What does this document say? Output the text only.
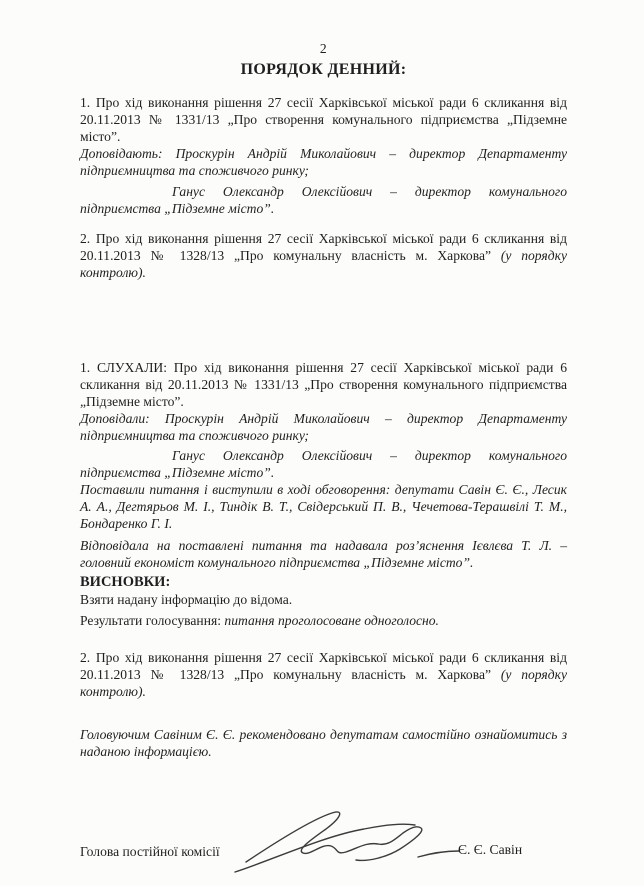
2
ПОРЯДОК ДЕННИЙ:

1. Про хід виконання рішення 27 сесії Харківської міської ради 6 скликання від 20.11.2013 № 1331/13 „Про створення комунального підприємства „Підземне місто”.

Доповідають: Проскурін Андрій Миколайович – директор Департаменту підприємництва та споживчого ринку;

Ганус Олександр Олексійович – директор комунального підприємства „Підземне місто”.

2. Про хід виконання рішення 27 сесії Харківської міської ради 6 скликання від 20.11.2013 № 1328/13 „Про комунальну власність м. Харкова” (у порядку контролю).

1. СЛУХАЛИ: Про хід виконання рішення 27 сесії Харківської міської ради 6 скликання від 20.11.2013 № 1331/13 „Про створення комунального підприємства „Підземне місто”.

Доповідали: Проскурін Андрій Миколайович – директор Департаменту підприємництва та споживчого ринку;

Ганус Олександр Олексійович – директор комунального підприємства „Підземне місто”.

Поставили питання і виступили в ході обговорення: депутати Савін Є. Є., Лесик А. А., Дегтярьов М. І., Тиндік В. Т., Свідерський П. В., Чечетова-Терашвілі Т. М., Бондаренко Г. І.

Відповідала на поставлені питання та надавала роз’яснення Ієвлєва Т. Л. – головний економіст комунального підприємства „Підземне місто”.

ВИСНОВКИ:

Взяти надану інформацію до відома.

Результати голосування: питання проголосоване одноголосно.

2. Про хід виконання рішення 27 сесії Харківської міської ради 6 скликання від 20.11.2013 № 1328/13 „Про комунальну власність м. Харкова” (у порядку контролю).

Головуючим Савіним Є. Є. рекомендовано депутатам самостійно ознайомитись з наданою інформацією.

Голова постійної комісії	Є. Є. Савін
